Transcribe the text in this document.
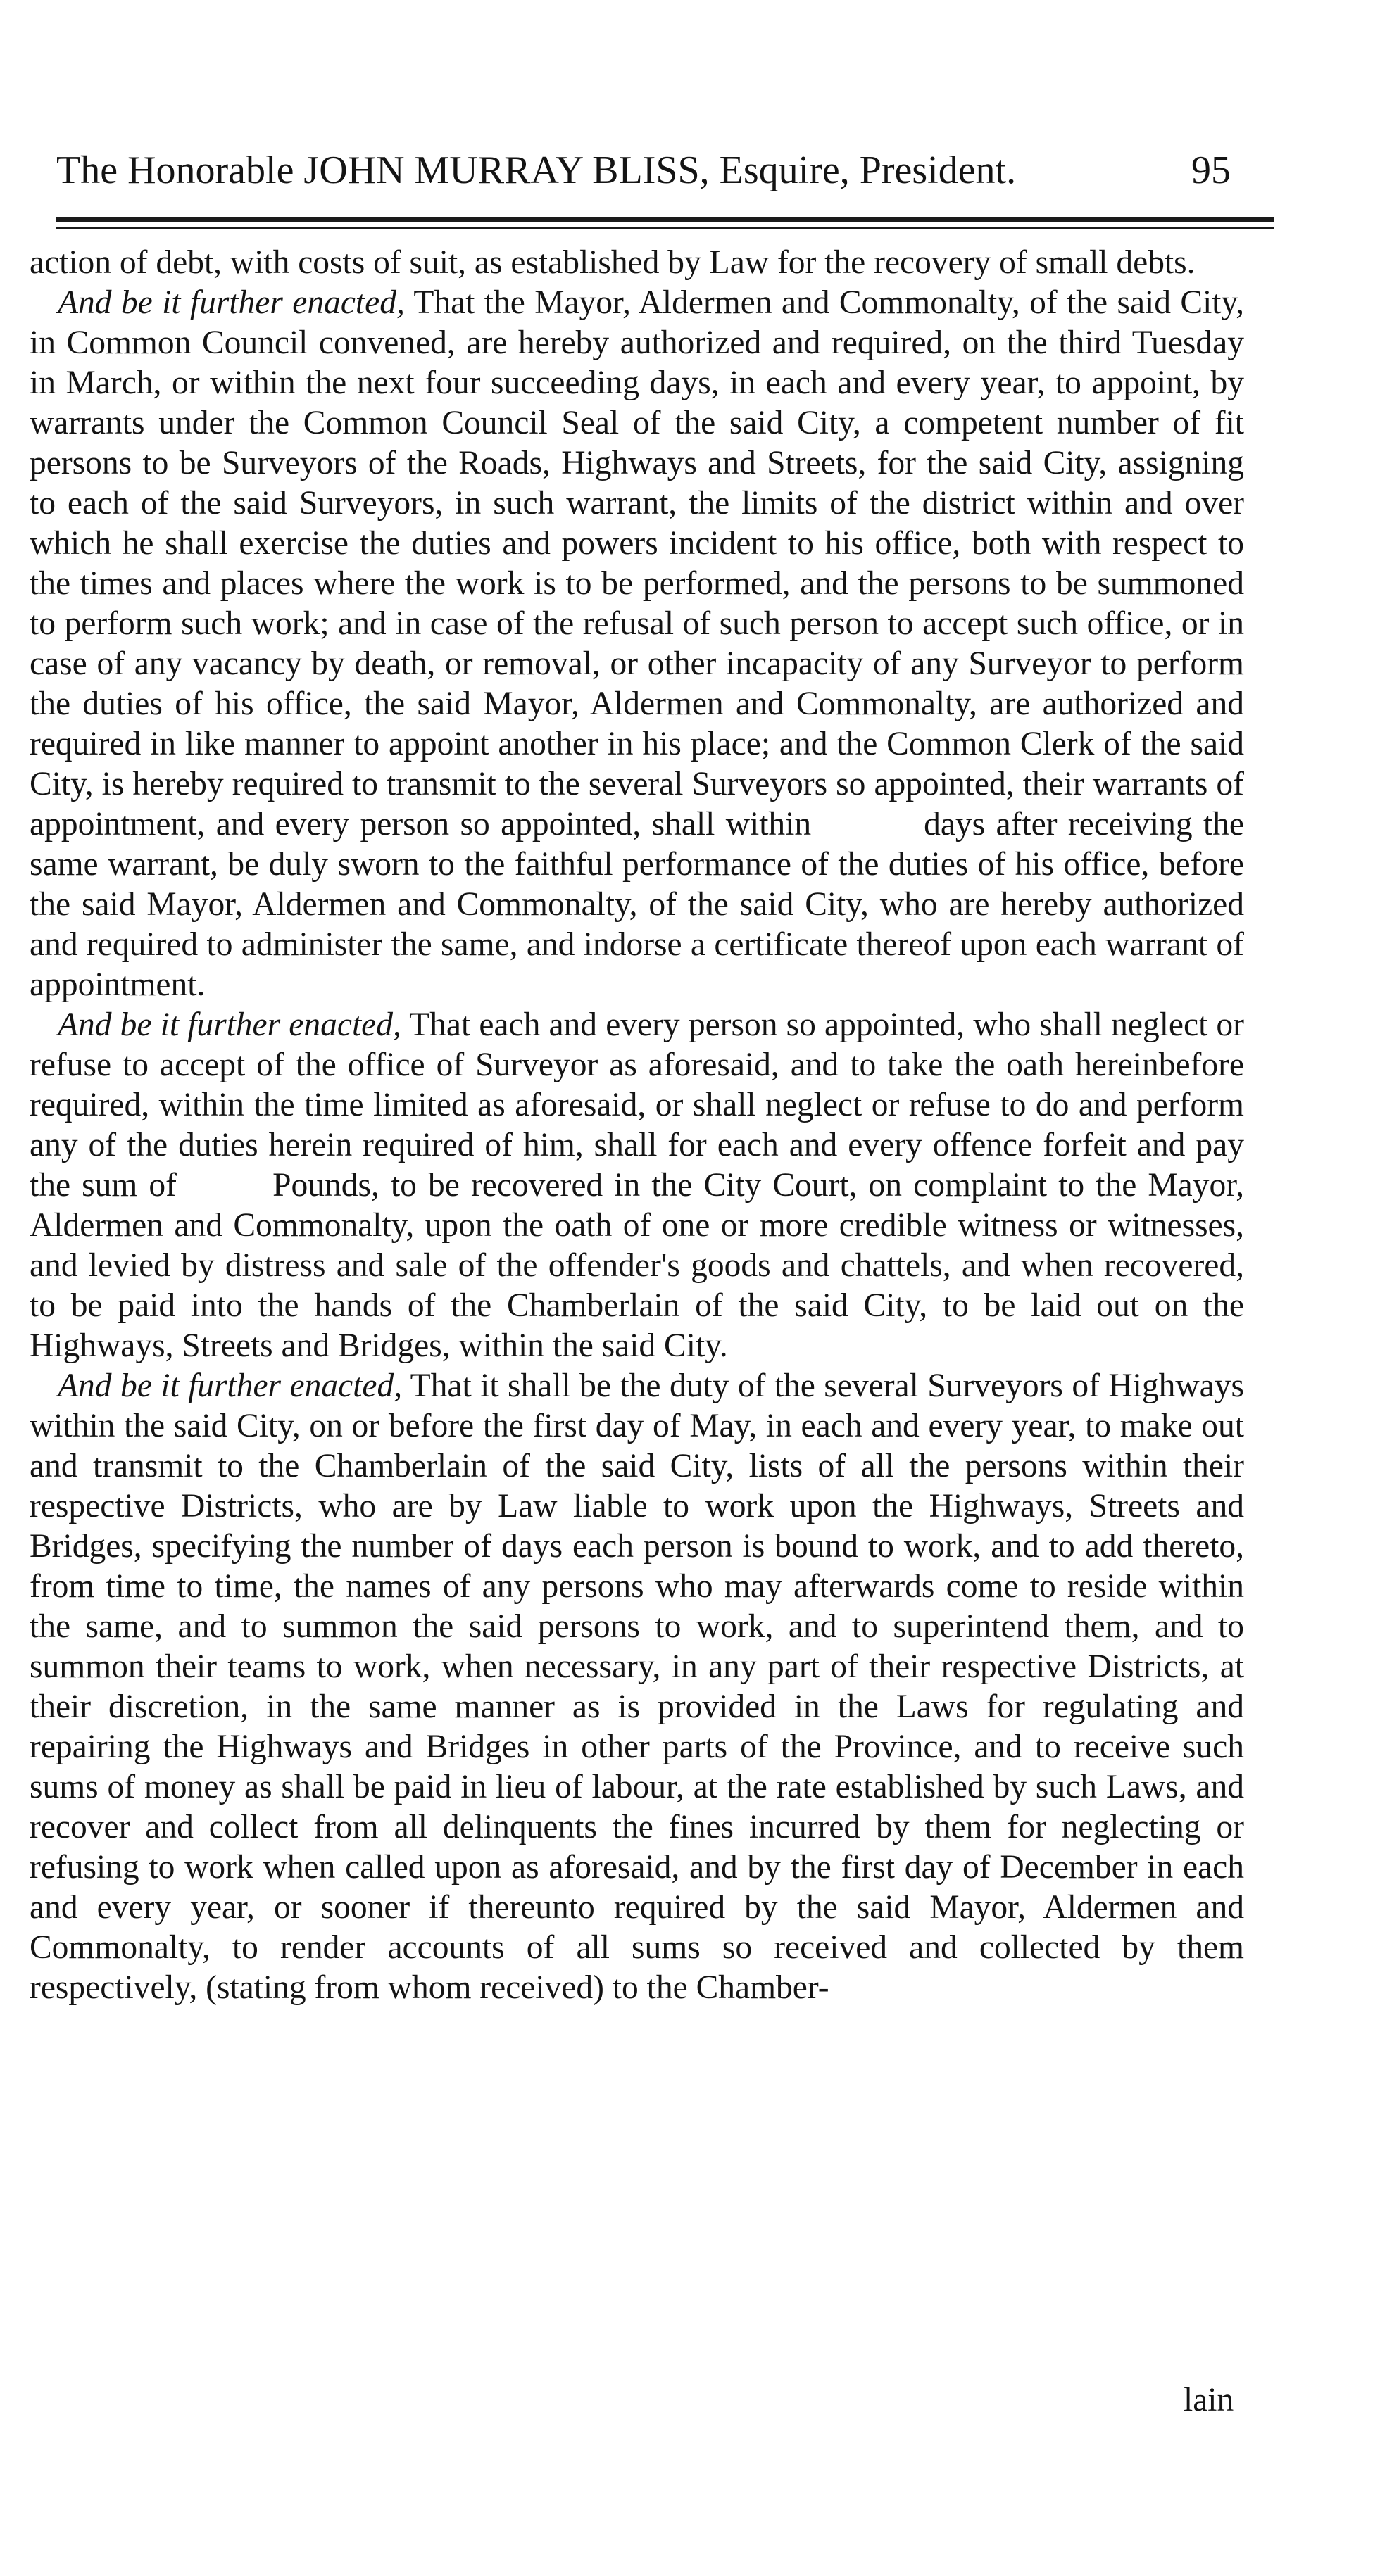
The Honorable JOHN MURRAY BLISS, Esquire, President.	95

action of debt, with costs of suit, as established by Law for the recovery of small debts.

And be it further enacted, That the Mayor, Aldermen and Commonalty, of the said City, in Common Council convened, are hereby authorized and required, on the third Tuesday in March, or within the next four succeeding days, in each and every year, to appoint, by warrants under the Common Council Seal of the said City, a competent number of fit persons to be Surveyors of the Roads, Highways and Streets, for the said City, assigning to each of the said Surveyors, in such warrant, the limits of the district within and over which he shall exercise the duties and powers incident to his office, both with respect to the times and places where the work is to be performed, and the persons to be summoned to perform such work; and in case of the refusal of such person to accept such office, or in case of any vacancy by death, or removal, or other incapacity of any Surveyor to perform the duties of his office, the said Mayor, Aldermen and Commonalty, are authorized and required in like manner to appoint another in his place; and the Common Clerk of the said City, is hereby required to transmit to the several Surveyors so appointed, their warrants of appointment, and every person so appointed, shall within	days after receiving the same warrant, be duly sworn to the faithful performance of the duties of his office, before the said Mayor, Aldermen and Commonalty, of the said City, who are hereby authorized and required to administer the same, and indorse a certificate thereof upon each warrant of appointment.

And be it further enacted, That each and every person so appointed, who shall neglect or refuse to accept of the office of Surveyor as aforesaid, and to take the oath hereinbefore required, within the time limited as aforesaid, or shall neglect or refuse to do and perform any of the duties herein required of him, shall for each and every offence forfeit and pay the sum of	Pounds, to be recovered in the City Court, on complaint to the Mayor, Aldermen and Commonalty, upon the oath of one or more credible witness or witnesses, and levied by distress and sale of the offender's goods and chattels, and when recovered, to be paid into the hands of the Chamberlain of the said City, to be laid out on the Highways, Streets and Bridges, within the said City.

And be it further enacted, That it shall be the duty of the several Surveyors of Highways within the said City, on or before the first day of May, in each and every year, to make out and transmit to the Chamberlain of the said City, lists of all the persons within their respective Districts, who are by Law liable to work upon the Highways, Streets and Bridges, specifying the number of days each person is bound to work, and to add thereto, from time to time, the names of any persons who may afterwards come to reside within the same, and to summon the said persons to work, and to superintend them, and to summon their teams to work, when necessary, in any part of their respective Districts, at their discretion, in the same manner as is provided in the Laws for regulating and repairing the Highways and Bridges in other parts of the Province, and to receive such sums of money as shall be paid in lieu of labour, at the rate established by such Laws, and recover and collect from all delinquents the fines incurred by them for neglecting or refusing to work when called upon as aforesaid, and by the first day of December in each and every year, or sooner if thereunto required by the said Mayor, Aldermen and Commonalty, to render accounts of all sums so received and collected by them respectively, (stating from whom received) to the Chamber-

lain
